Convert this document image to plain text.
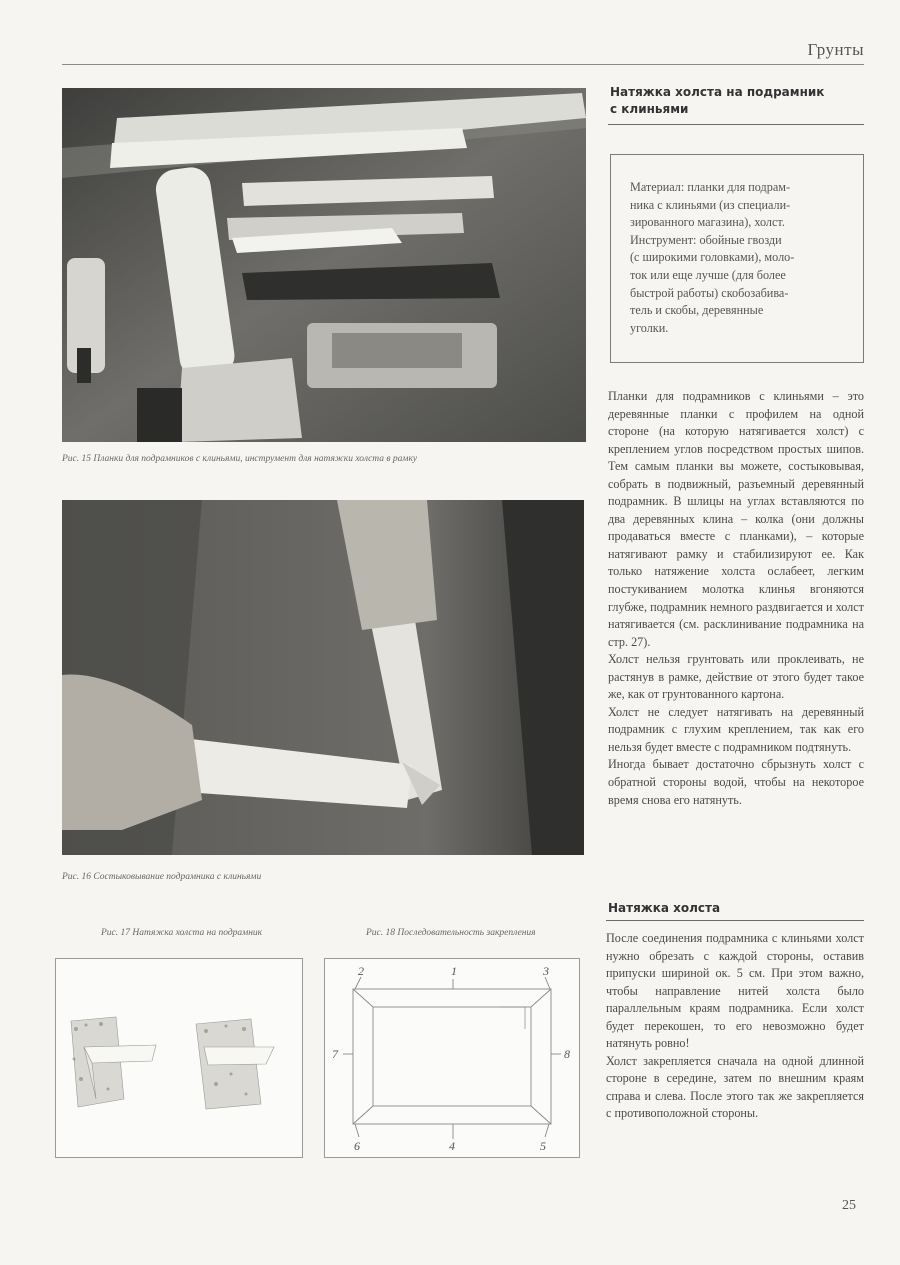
Грунты
Рис. 15 Планки для подрамников с клиньями, инструмент для натяжки холста в рамку
Рис. 16 Состыковывание подрамника с клиньями
Рис. 17 Натяжка холста на подрамник	Рис. 18 Последовательность закрепления
2	1	3
7	8
6	4	5
Натяжка холста на подрамник
с клиньями

Материал: планки для подрам-

ника с клиньями (из специали-

зированного магазина), холст.

Инструмент: обойные гвозди

(с широкими головками), моло-

ток или еще лучше (для более

быстрой работы) скобозабива-

тель и скобы, деревянные

уголки.

Планки для подрамников с клиньями – это деревянные планки с профилем на одной стороне (на которую натягивается холст) с креплением углов посредством простых шипов. Тем самым планки вы можете, состыковывая, собрать в подвижный, разъемный деревянный подрамник. В шлицы на углах вставляются по два деревянных клина – колка (они должны продаваться вместе с планками), – которые натягивают рамку и стабилизируют ее. Как только натяжение холста ослабеет, легким постукиванием молотка клинья вгоняются глубже, подрамник немного раздвигается и холст натягивается (см. расклинивание подрамника на стр. 27).

Холст нельзя грунтовать или проклеивать, не растянув в рамке, действие от этого будет такое же, как от грунтованного картона.

Холст не следует натягивать на деревянный подрамник с глухим креплением, так как его нельзя будет вместе с подрамником подтянуть.

Иногда бывает достаточно сбрызнуть холст с обратной стороны водой, чтобы на некоторое время снова его натянуть.

Натяжка холста

После соединения подрамника с клиньями холст нужно обрезать с каждой стороны, оставив припуски шириной ок. 5 см. При этом важно, чтобы направление нитей холста было параллельным краям подрамника. Если холст будет перекошен, то его невозможно будет натянуть ровно!

Холст закрепляется сначала на одной длинной стороне в середине, затем по внешним краям справа и слева. После этого так же закрепляется с противоположной стороны.

25
